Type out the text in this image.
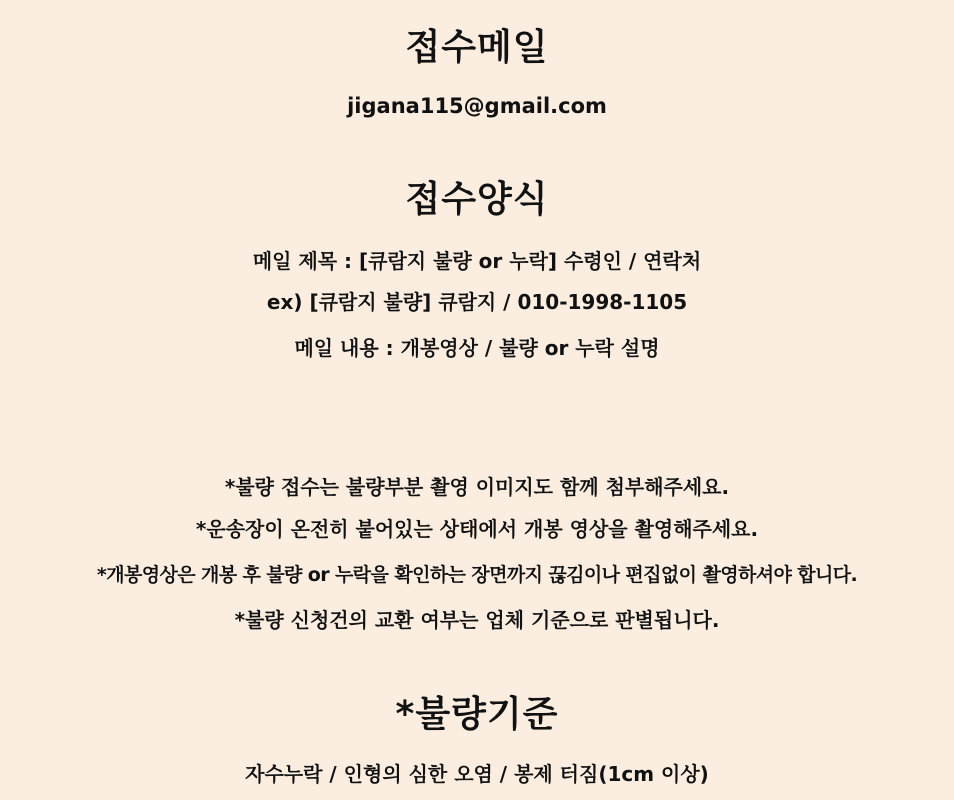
접수메일
jigana115@gmail.com
접수양식
메일 제목 : [큐람지 불량 or 누락] 수령인 / 연락처
ex) [큐람지 불량] 큐람지 / 010-1998-1105
메일 내용 : 개봉영상 / 불량 or 누락 설명
*불량 접수는 불량부분 촬영 이미지도 함께 첨부해주세요.
*운송장이 온전히 붙어있는 상태에서 개봉 영상을 촬영해주세요.
*개봉영상은 개봉 후 불량 or 누락을 확인하는 장면까지 끊김이나 편집없이 촬영하셔야 합니다.
*불량 신청건의 교환 여부는 업체 기준으로 판별됩니다.
*불량기준
자수누락 / 인형의 심한 오염 / 봉제 터짐(1cm 이상)
